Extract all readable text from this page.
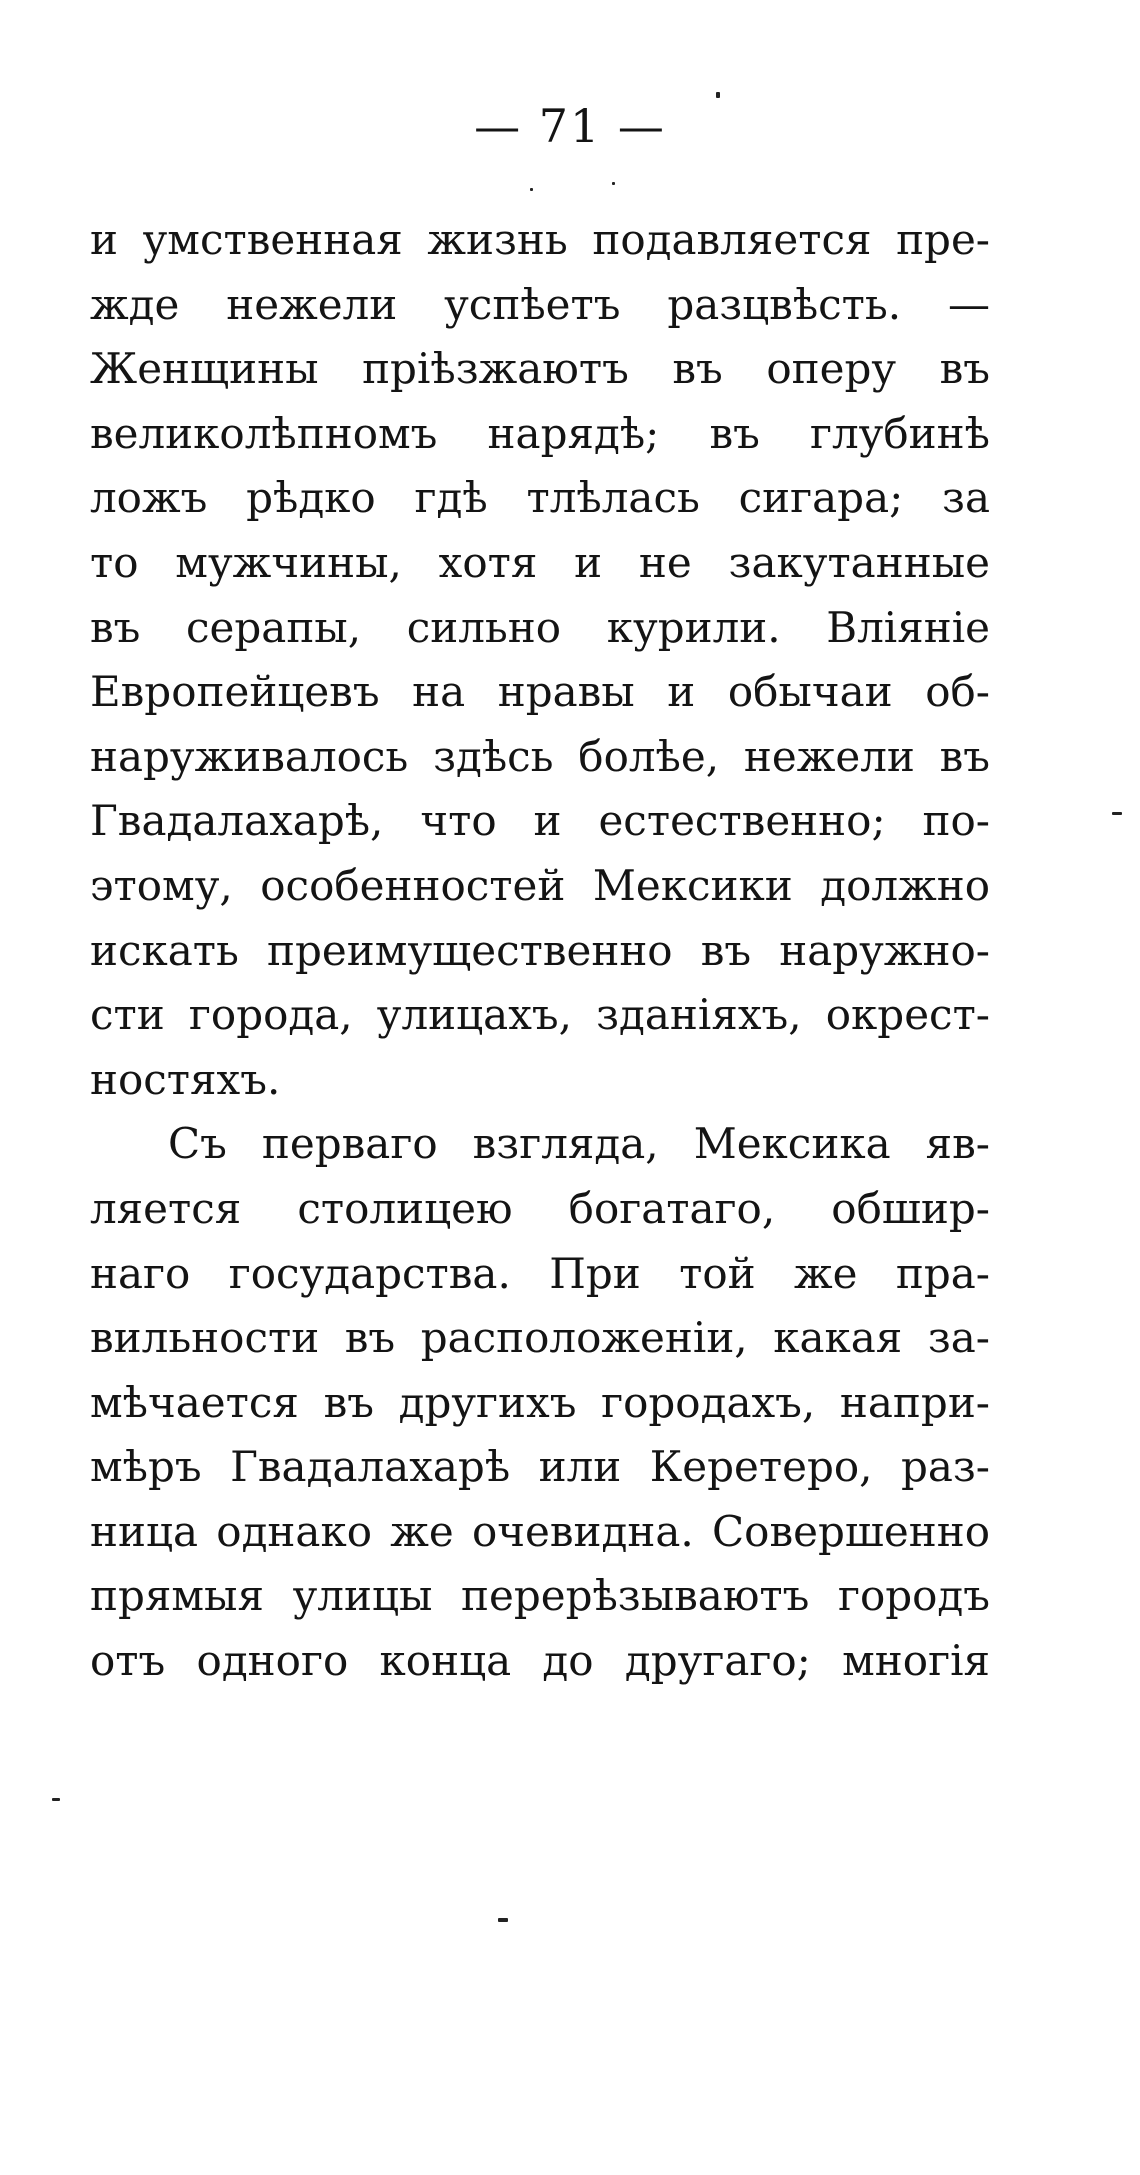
— 71 —
и умственная жизнь подавляется пре-
жде нежели успѣетъ разцвѣсть. —
Женщины прiѣзжаютъ въ оперу въ
великолѣпномъ нарядѣ; въ глубинѣ
ложъ рѣдко гдѣ тлѣлась сигара; за
то мужчины, хотя и не закутанные
въ серапы, сильно курили. Влiянiе
Европейцевъ на нравы и обычаи об-
наруживалось здѣсь болѣе, нежели въ
Гвадалахарѣ, что и естественно; по-
этому, особенностей Мексики должно
искать преимущественно въ наружно-
сти города, улицахъ, зданiяхъ, окрест-
ностяхъ.
Съ перваго взгляда, Мексика яв-
ляется столицею богатаго, обшир-
наго государства. При той же пра-
вильности въ расположенiи, какая за-
мѣчается въ другихъ городахъ, напри-
мѣръ Гвадалахарѣ или Керетеро, раз-
ница однако же очевидна. Совершенно
прямыя улицы перерѣзываютъ городъ
отъ одного конца до другаго; многiя
